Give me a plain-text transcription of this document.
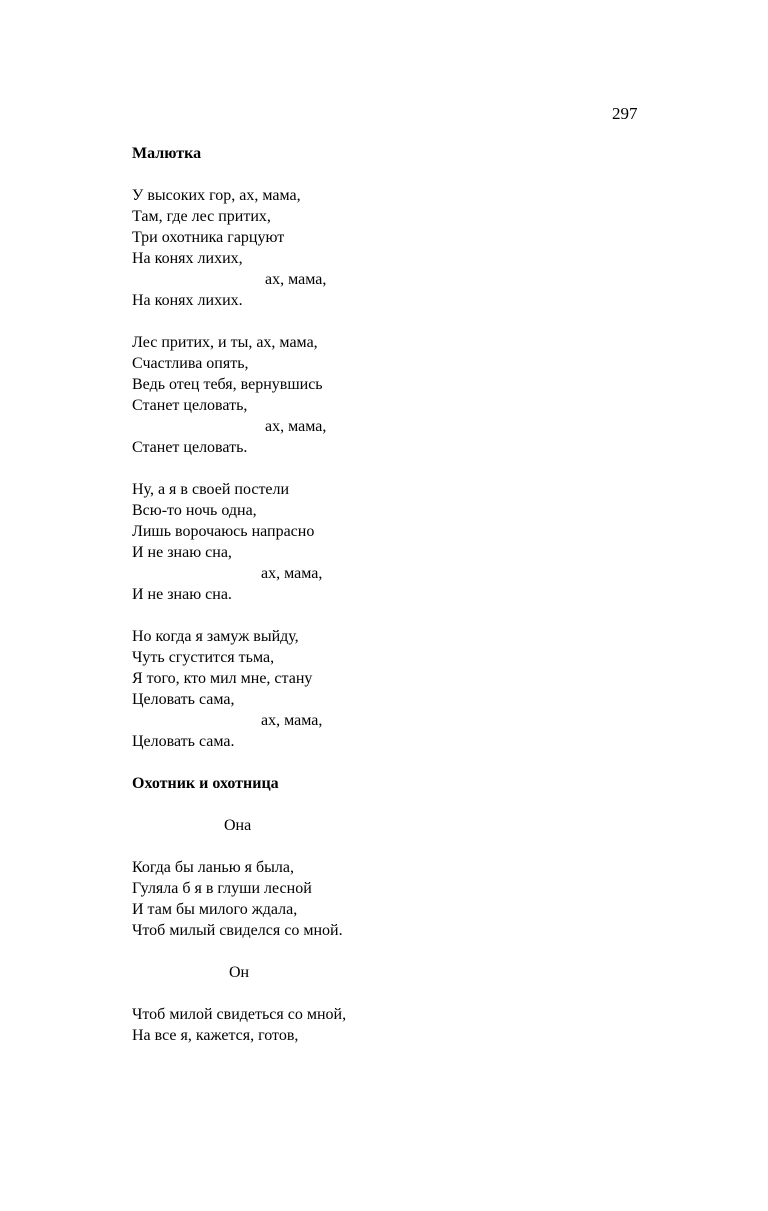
297
Малютка
У высоких гор, ах, мама,
Там, где лес притих,
Три охотника гарцуют
На конях лихих,
ах, мама,
На конях лихих.
Лес притих, и ты, ах, мама,
Счастлива опять,
Ведь отец тебя, вернувшись
Станет целовать,
ах, мама,
Станет целовать.
Ну, а я в своей постели
Всю-то ночь одна,
Лишь ворочаюсь напрасно
И не знаю сна,
ах, мама,
И не знаю сна.
Но когда я замуж выйду,
Чуть сгустится тьма,
Я того, кто мил мне, стану
Целовать сама,
ах, мама,
Целовать сама.
Охотник и охотница
Она
Когда бы ланью я была,
Гуляла б я в глуши лесной
И там бы милого ждала,
Чтоб милый свиделся со мной.
Он
Чтоб милой свидеться со мной,
На все я, кажется, готов,
